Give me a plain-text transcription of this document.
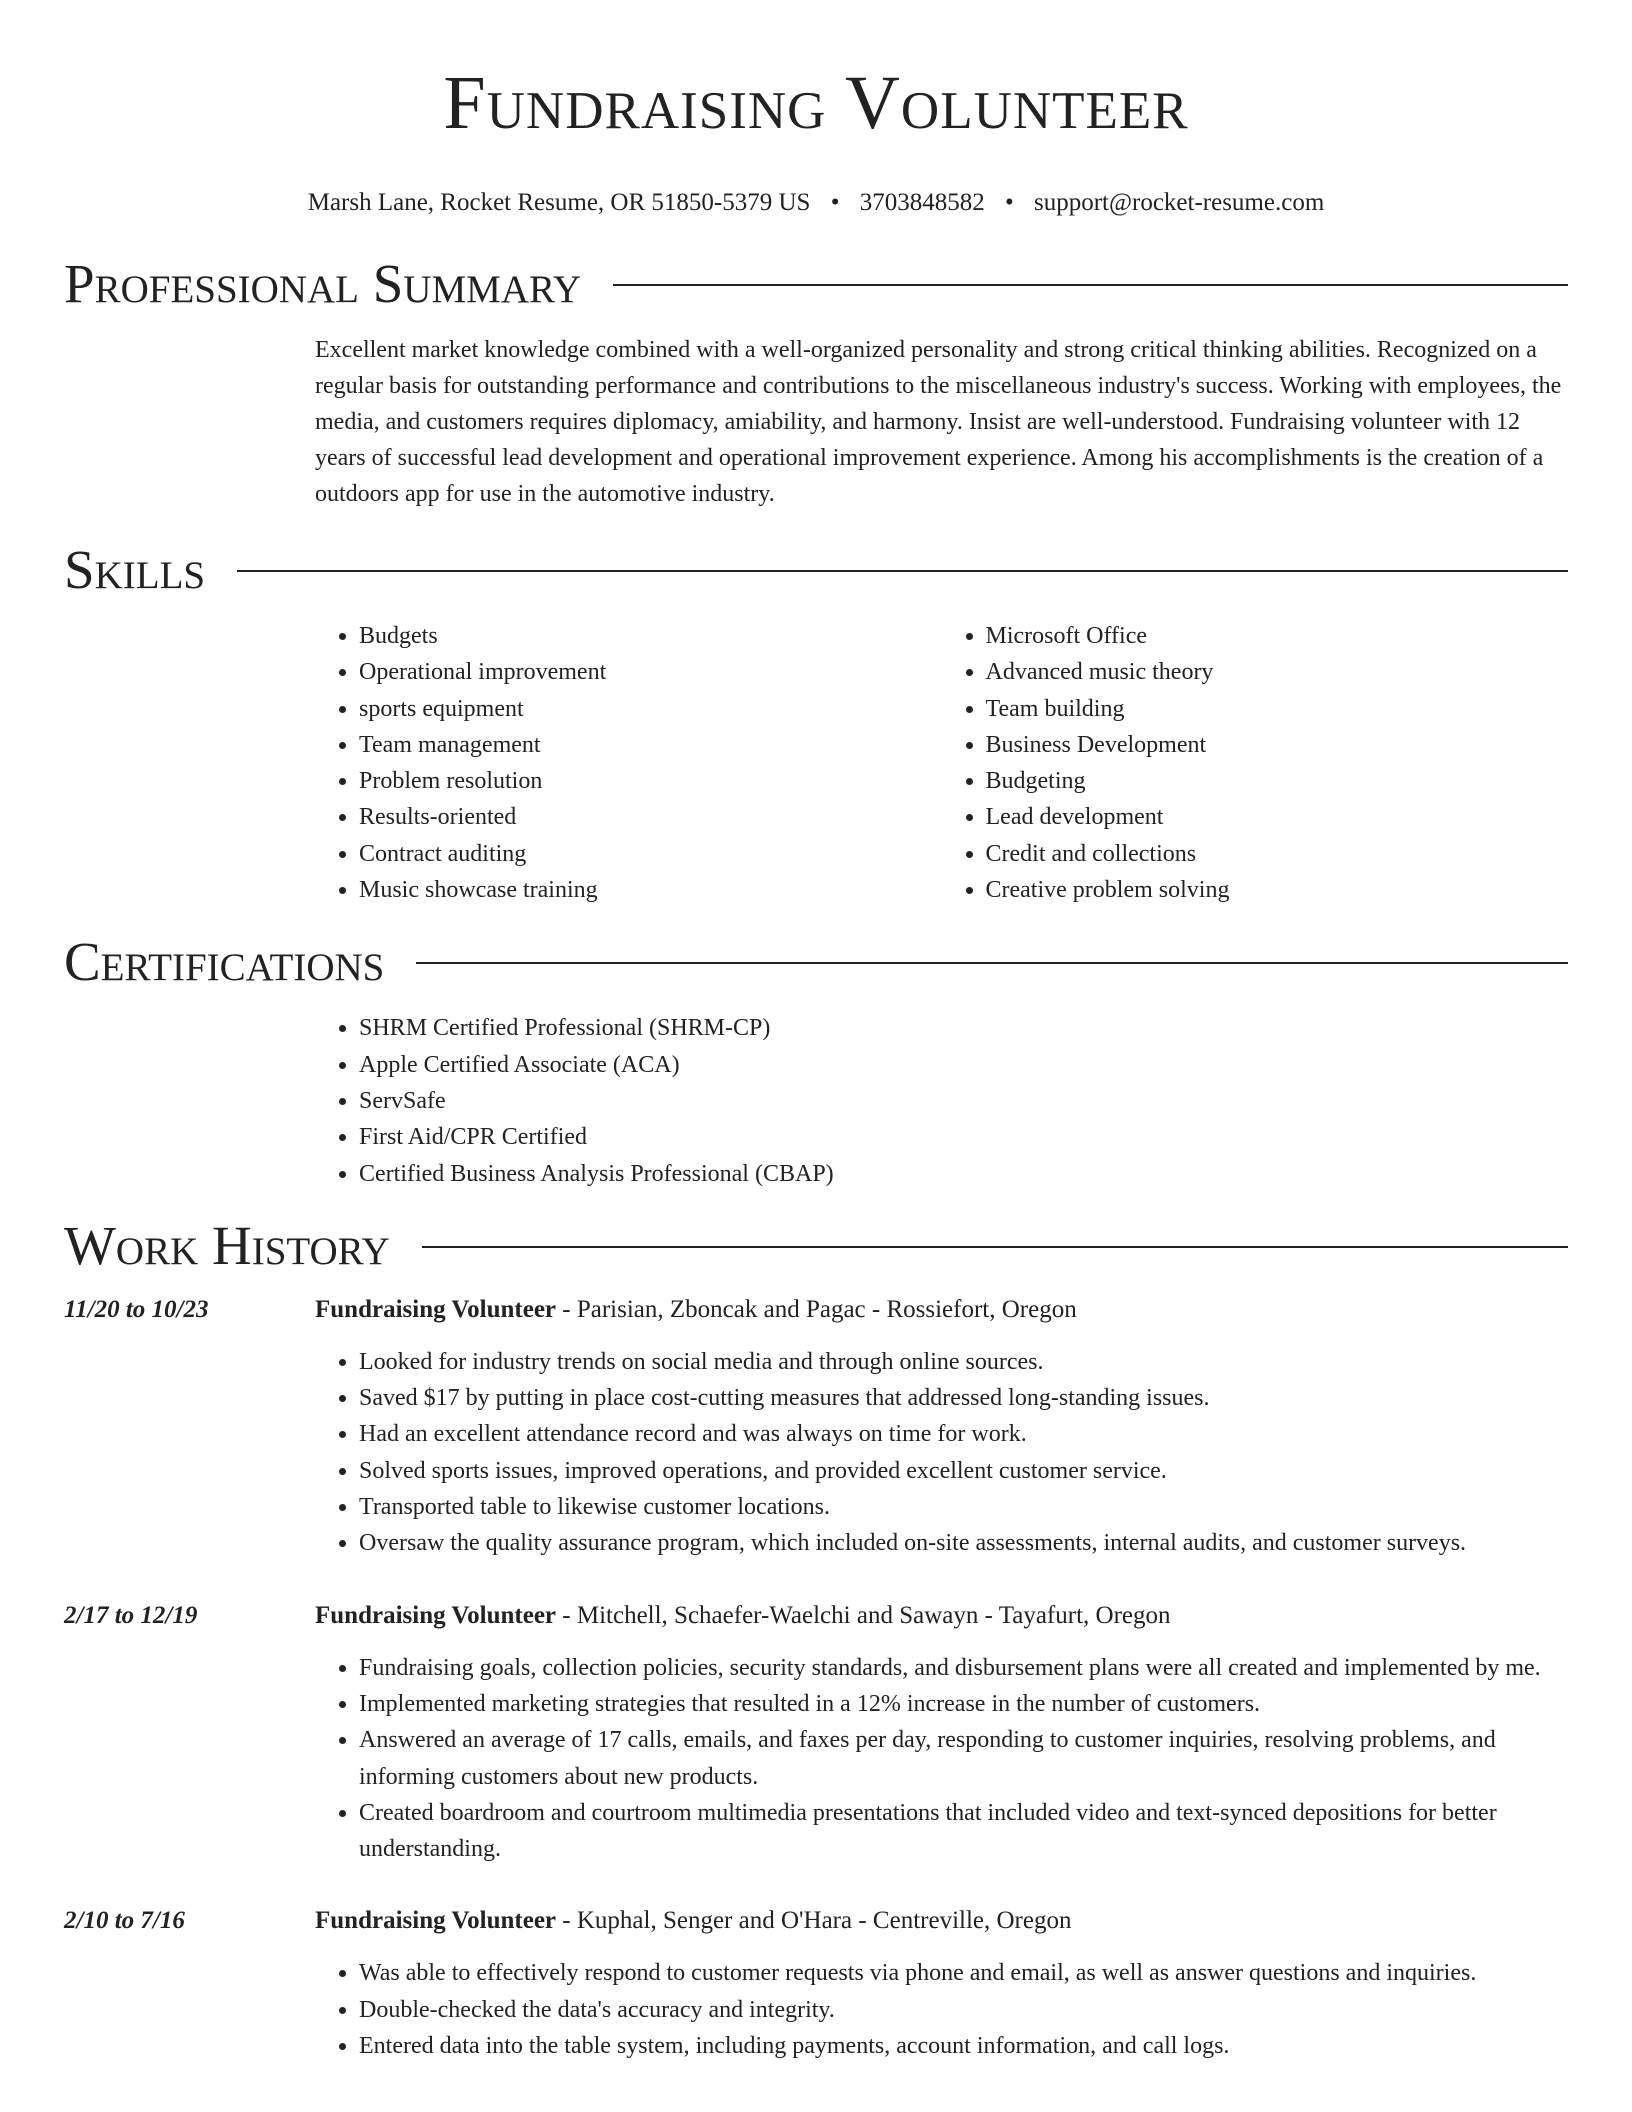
Fundraising Volunteer
Marsh Lane, Rocket Resume, OR 51850-5379 US • 3703848582 • support@rocket-resume.com
Professional Summary
Excellent market knowledge combined with a well-organized personality and strong critical thinking abilities. Recognized on a regular basis for outstanding performance and contributions to the miscellaneous industry's success. Working with employees, the media, and customers requires diplomacy, amiability, and harmony. Insist are well-understood. Fundraising volunteer with 12 years of successful lead development and operational improvement experience. Among his accomplishments is the creation of a outdoors app for use in the automotive industry.
Skills
• Budgets
• Operational improvement
• sports equipment
• Team management
• Problem resolution
• Results-oriented
• Contract auditing
• Music showcase training
• Microsoft Office
• Advanced music theory
• Team building
• Business Development
• Budgeting
• Lead development
• Credit and collections
• Creative problem solving
Certifications
• SHRM Certified Professional (SHRM-CP)
• Apple Certified Associate (ACA)
• ServSafe
• First Aid/CPR Certified
• Certified Business Analysis Professional (CBAP)
Work History
11/20 to 10/23	Fundraising Volunteer - Parisian, Zboncak and Pagac - Rossiefort, Oregon
• Looked for industry trends on social media and through online sources.
• Saved $17 by putting in place cost-cutting measures that addressed long-standing issues.
• Had an excellent attendance record and was always on time for work.
• Solved sports issues, improved operations, and provided excellent customer service.
• Transported table to likewise customer locations.
• Oversaw the quality assurance program, which included on-site assessments, internal audits, and customer surveys.
2/17 to 12/19	Fundraising Volunteer - Mitchell, Schaefer-Waelchi and Sawayn - Tayafurt, Oregon
• Fundraising goals, collection policies, security standards, and disbursement plans were all created and implemented by me.
• Implemented marketing strategies that resulted in a 12% increase in the number of customers.
• Answered an average of 17 calls, emails, and faxes per day, responding to customer inquiries, resolving problems, and informing customers about new products.
• Created boardroom and courtroom multimedia presentations that included video and text-synced depositions for better understanding.
2/10 to 7/16	Fundraising Volunteer - Kuphal, Senger and O'Hara - Centreville, Oregon
• Was able to effectively respond to customer requests via phone and email, as well as answer questions and inquiries.
• Double-checked the data's accuracy and integrity.
• Entered data into the table system, including payments, account information, and call logs.
